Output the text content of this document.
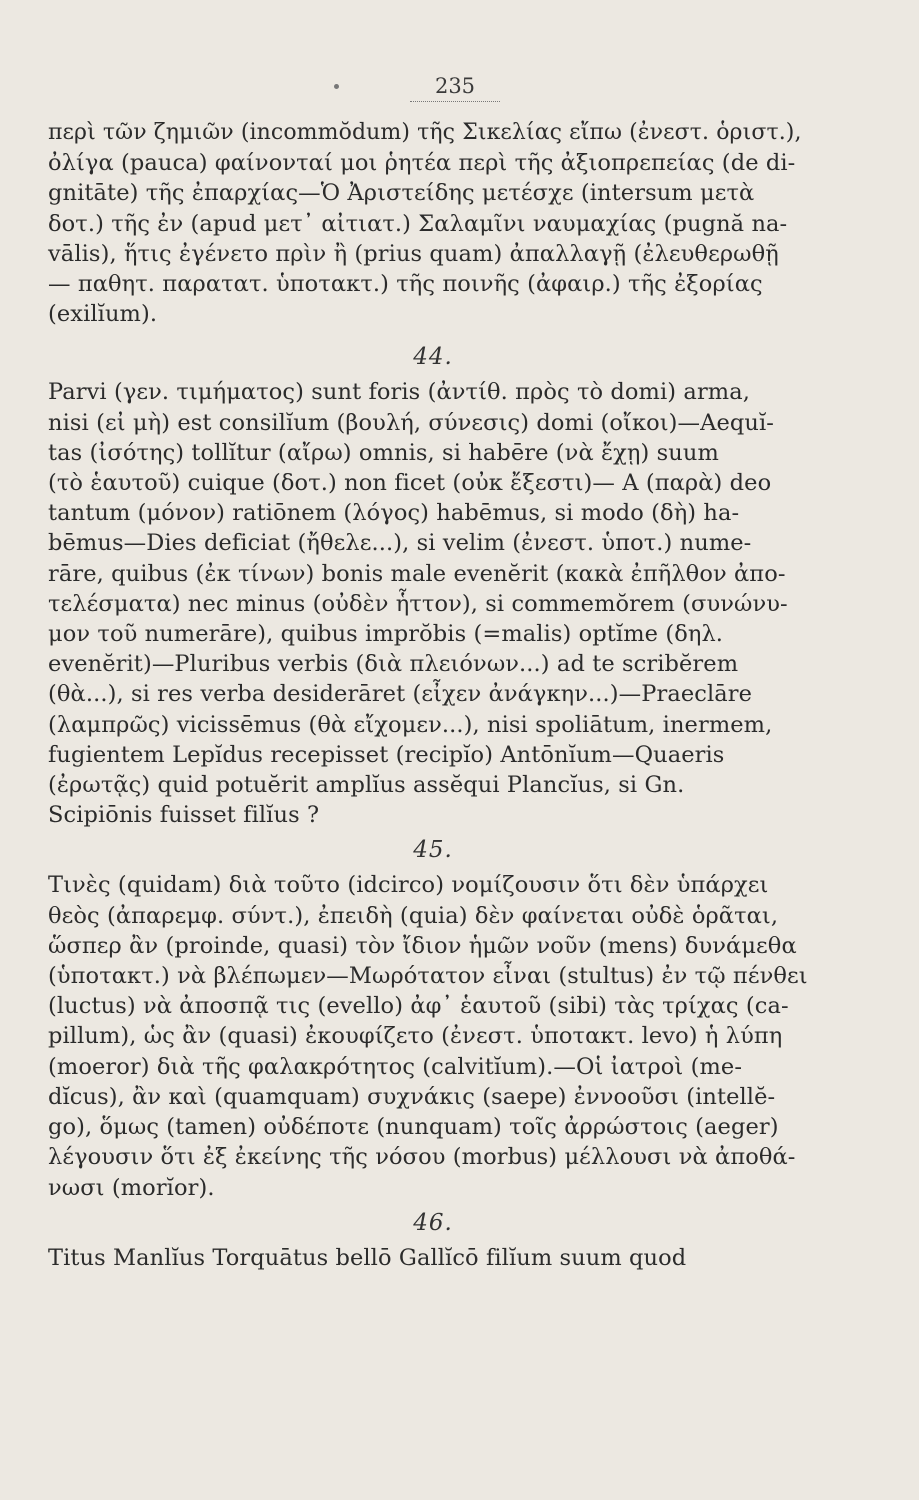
235
περὶ τῶν ζημιῶν (incommŏdum) τῆς Σικελίας εἴπω (ἐνεστ. ὁριστ.),
ὀλίγα (pauca) φαίνονταί μοι ῥητέα περὶ τῆς ἀξιοπρεπείας (de di-
gnitāte) τῆς ἐπαρχίας—Ὁ Ἀριστείδης μετέσχε (intersum μετὰ
δοτ.) τῆς ἐν (apud μετ᾽ αἰτιατ.) Σαλαμῖνι ναυμαχίας (pugnă na-
vālis), ἥτις ἐγένετο πρὶν ἢ (prius quam) ἀπαλλαγῇ (ἐλευθερωθῇ
— παθητ. παρατατ. ὑποτακτ.) τῆς ποινῆς (ἀφαιρ.) τῆς ἐξορίας
(exilĭum).
44.
Parvi (γεν. τιμήματος) sunt foris (ἀντίθ. πρὸς τὸ domi) arma,
nisi (εἰ μὴ) est consilĭum (βουλή, σύνεσις) domi (οἴκοι)—Aequĭ-
tas (ἰσότης) tollĭtur (αἴρω) omnis, si habēre (νὰ ἔχῃ) suum
(τὸ ἑαυτοῦ) cuique (δοτ.) non ficet (οὐκ ἔξεστι)— A (παρὰ) deo
tantum (μόνον) ratiōnem (λόγος) habēmus, si modo (δὴ) ha-
bēmus—Dies deficiat (ἤθελε...), si velim (ἐνεστ. ὑποτ.) nume-
rāre, quibus (ἐκ τίνων) bonis male evenĕrit (κακὰ ἐπῆλθον ἀπο-
τελέσματα) nec minus (οὐδὲν ἧττον), si commemŏrem (συνώνυ-
μον τοῦ numerāre), quibus imprŏbis (=malis) optĭme (δηλ.
evenĕrit)—Pluribus verbis (διὰ πλειόνων...) ad te scribĕrem
(θὰ...), si res verba desiderāret (εἶχεν ἀνάγκην...)—Praeclāre
(λαμπρῶς) vicissēmus (θὰ εἴχομεν...), nisi spoliātum, inermem,
fugientem Lepĭdus recepisset (recipĭo) Antōnĭum—Quaeris
(ἐρωτᾷς) quid potuĕrit amplĭus assĕqui Plancĭus, si Gn.
Scipiōnis fuisset filĭus ?
45.
Τινὲς (quidam) διὰ τοῦτο (idcirco) νομίζουσιν ὅτι δὲν ὑπάρχει
θεὸς (ἀπαρεμφ. σύντ.), ἐπειδὴ (quia) δὲν φαίνεται οὐδὲ ὁρᾶται,
ὥσπερ ἂν (proinde, quasi) τὸν ἴδιον ἡμῶν νοῦν (mens) δυνάμεθα
(ὑποτακτ.) νὰ βλέπωμεν—Μωρότατον εἶναι (stultus) ἐν τῷ πένθει
(luctus) νὰ ἀποσπᾷ τις (evello) ἀφ᾽ ἑαυτοῦ (sibi) τὰς τρίχας (ca-
pillum), ὡς ἂν (quasi) ἐκουφίζετο (ἐνεστ. ὑποτακτ. levo) ἡ λύπη
(moeror) διὰ τῆς φαλακρότητος (calvitĭum).—Οἱ ἰατροὶ (me-
dĭcus), ἂν καὶ (quamquam) συχνάκις (saepe) ἐννοοῦσι (intellĕ-
go), ὅμως (tamen) οὐδέποτε (nunquam) τοῖς ἀρρώστοις (aeger)
λέγουσιν ὅτι ἐξ ἐκείνης τῆς νόσου (morbus) μέλλουσι νὰ ἀποθά-
νωσι (morĭor).
46.
Titus Manlĭus Torquātus bellō Gallĭcō filĭum suum quod
